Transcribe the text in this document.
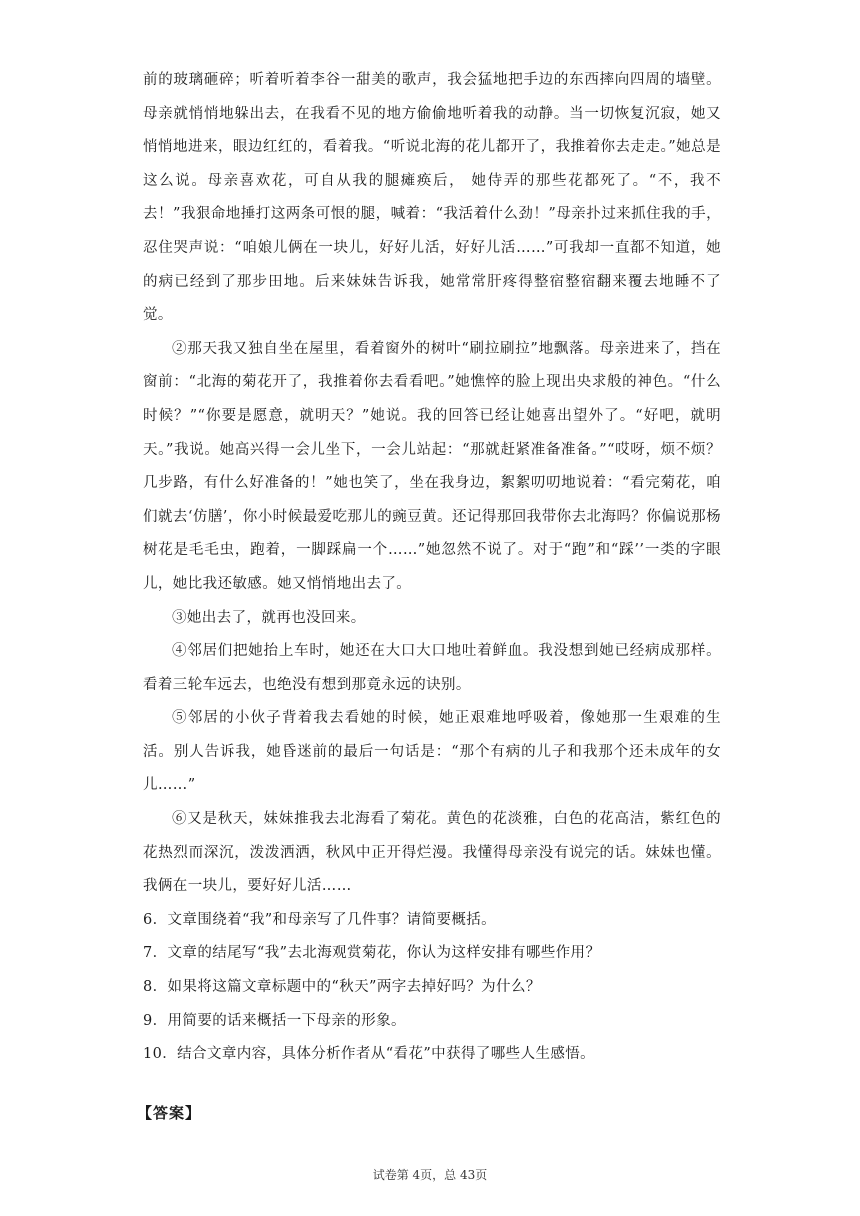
前的玻璃砸碎；听着听着李谷一甜美的歌声，我会猛地把手边的东西摔向四周的墙壁。母亲就悄悄地躲出去，在我看不见的地方偷偷地听着我的动静。当一切恢复沉寂，她又悄悄地进来，眼边红红的，看着我。“听说北海的花儿都开了，我推着你去走走。”她总是这么说。母亲喜欢花，可自从我的腿瘫痪后， 她侍弄的那些花都死了。“不，我不去！”我狠命地捶打这两条可恨的腿，喊着：“我活着什么劲！”母亲扑过来抓住我的手，忍住哭声说：“咱娘儿俩在一块儿，好好儿活，好好儿活……”可我却一直都不知道，她的病已经到了那步田地。后来妹妹告诉我，她常常肝疼得整宿整宿翻来覆去地睡不了觉。

②那天我又独自坐在屋里，看着窗外的树叶“刷拉刷拉”地飘落。母亲进来了，挡在窗前：“北海的菊花开了，我推着你去看看吧。”她憔悴的脸上现出央求般的神色。“什么时候？”“你要是愿意，就明天？”她说。我的回答已经让她喜出望外了。“好吧，就明天。”我说。她高兴得一会儿坐下，一会儿站起：“那就赶紧准备准备。”“哎呀，烦不烦？几步路，有什么好准备的！”她也笑了，坐在我身边，絮絮叨叨地说着：“看完菊花，咱们就去‘仿膳’，你小时候最爱吃那儿的豌豆黄。还记得那回我带你去北海吗？你偏说那杨树花是毛毛虫，跑着，一脚踩扁一个……”她忽然不说了。对于“跑”和“踩’’一类的字眼儿，她比我还敏感。她又悄悄地出去了。

③她出去了，就再也没回来。

④邻居们把她抬上车时，她还在大口大口地吐着鲜血。我没想到她已经病成那样。看着三轮车远去，也绝没有想到那竟永远的诀别。

⑤邻居的小伙子背着我去看她的时候，她正艰难地呼吸着，像她那一生艰难的生活。别人告诉我，她昏迷前的最后一句话是：“那个有病的儿子和我那个还未成年的女儿……”

⑥又是秋天，妹妹推我去北海看了菊花。黄色的花淡雅，白色的花高洁，紫红色的花热烈而深沉，泼泼洒洒，秋风中正开得烂漫。我懂得母亲没有说完的话。妹妹也懂。我俩在一块儿，要好好儿活……

6．文章围绕着“我”和母亲写了几件事？请简要概括。

7．文章的结尾写“我”去北海观赏菊花，你认为这样安排有哪些作用？

8．如果将这篇文章标题中的“秋天”两字去掉好吗？为什么？

9．用简要的话来概括一下母亲的形象。

10．结合文章内容，具体分析作者从“看花”中获得了哪些人生感悟。

【答案】
试卷第 4页，总 43页
